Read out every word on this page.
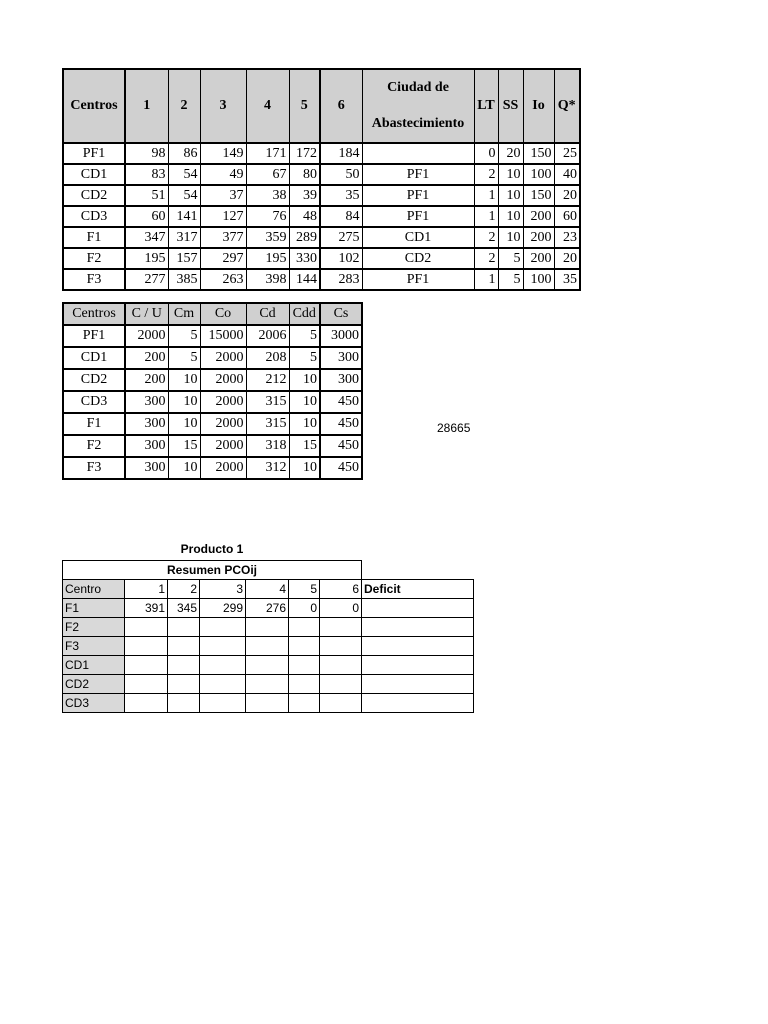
Centros	1	2	3	4	5	6	Ciudad de Abastecimiento	LT	SS	Io	Q*
PF1	98	86	149	171	172	184		0	20	150	25
CD1	83	54	49	67	80	50	PF1	2	10	100	40
CD2	51	54	37	38	39	35	PF1	1	10	150	20
CD3	60	141	127	76	48	84	PF1	1	10	200	60
F1	347	317	377	359	289	275	CD1	2	10	200	23
F2	195	157	297	195	330	102	CD2	2	5	200	20
F3	277	385	263	398	144	283	PF1	1	5	100	35
Centros	C / U	Cm	Co	Cd	Cdd	Cs
PF1	2000	5	15000	2006	5	3000
CD1	200	5	2000	208	5	300
CD2	200	10	2000	212	10	300
CD3	300	10	2000	315	10	450
F1	300	10	2000	315	10	450
F2	300	15	2000	318	15	450
F3	300	10	2000	312	10	450
28665
Producto 1
Resumen PCOij							
Centro	1	2	3	4	5	6	Deficit
F1	391	345	299	276	0	0	
F2							
F3							
CD1							
CD2							
CD3							
